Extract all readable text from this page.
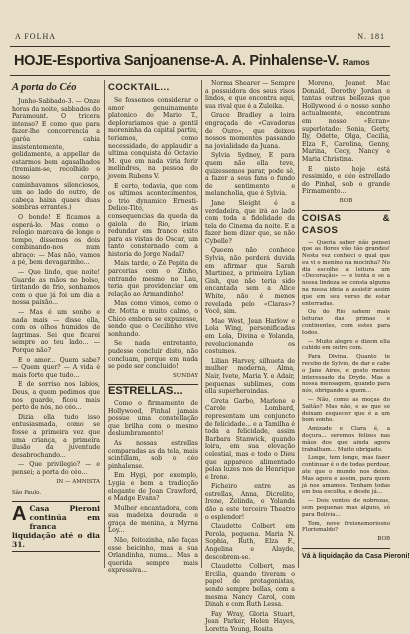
A FOLHA	N. 181
HOJE-Esportiva Sanjoanense-A. A. Pinhalense-V. Ramos
A porta do Céo

Junho-Sabbado-3. — Onze horas da noite, sabbados do Paramount. O tricera intenso? E como que para fazer-lhe concorrencia a garôa cahia insistentemente, gelidamente, a appellar de estarmos bem agasalhados (tremiam-se, recolhido o nosso corpo, caminhavamos silenciosos, um ao lado do outro, de cabeça baixa quaes duas sombras errantes.)

O bonde! E ficamos a esperá-lo. Mas como o relogio marcava de longe o tempo, dissemos os dois combinando-nos num abraço: — Mas não, vamos a pé, bem devagarinho...

— Que lindo, que noite! Guarde as mãos no bolso, tiritando de frio, sonhamos com o que já foi um dia a nossa paixão...

— Mas é um sonho e nada mais — disse ella, com os olhos humidos de lagrimas. Sei que ficarei sempre ao teu lado... — Porque não?

E o amor... Quem sabe? — Quem quer? — A vida é mais forte que tudo...

E de sorriso nos labios, Deus, a quem pedimos que nos guarde, ficou mais perto de nós, no céo...

Dizia ella tudo isso entusiasmada, como se fosse a primeira vez que uma criança, a primeira ilusão da juventude desabrochando...

— Que privilegio? — e pensei; a porta do céo...

IN — AMNISTA
São Paulo.
A Casa Pieroni continúa em franca liquidação até o dia 31.
COCKTAIL...

Se fossemos considerar o amor genuinamente platonico do Mario T., deplorariamos que a gentil moreninha da capital partiu, teriamos, como necessidade, de applaudir a ultima conquista do Octavio M. que em nada viria ferir melindres, na pessoa do jovem Rubens V.

E certo, todavia, que com os ultimos acontecimentos, o trio dynamico Ernesti-Delice-Tito, as consequencias da queda da gaiola do Rio, iriam redundar em franco exito para as vistas do Oscar, um tanto consternado com a historia do Jorge Nadal?

Mais tarde, o Zé Pepita de parcerias com o Zinho, entrando mesmo no Lau, teria que providenciar em relação ao Armandinho!

Mas como vimos, como o dr. Motta e muito calmo, o Chico embora se expuzesse, sendo que o Cecilinho vive sonhando.

Se nada entretanto, pudesse concluir disto, não concluam, porque em nada se pode ser concluido!

SUNDAY
ESTRELLAS...

Como o firmamento de Hollywood, Pinhal jamais possue uma constellação que brilha com o mesmo deslumbramento!

As nossas estrellas comparadas as da tela, mais scintillam, sob o céo pinhalense.

Em Hygi, por exemplo, Lygia e bem a tradicção elegante de Joan Crawford, e Madge Evans?

Mulher encantadora, com sua madeixa dourada e graça de menina, a Myrna Loy...

Não, feitozinha, não faças esse beicinho, mas a sua Orlandinha, numa... Mas a querida sempre mais expressiva...

Norma Shearer — Sempre a possuidora dos seus risos lindos, e que encontra aqui, sua rival que é a Zuleika.

Grace Bradley a loira engraçada de «Cavadoras de Ouro», que deixou nossos momentos passando na jovialidade da Juana.

Sylvia Sydney, E para quem não ella teve, quizessemos parar, pode sê, a fazer a seus fans o fundo de sentimento e melancholia, que é Sylvia.

Jane Sleight é a verdadeira, que irá ao lado com toda a fidelidade da tela do Cinema da noite. E a fazer bem dizer que, se não Cybelle?

Queem não conhece Sylvia, não perderá duvida em afirmar que Sarah Martinez, a primeira Lylian Gish, que não teria sido encantada sem a Alice White, não é menos revelada pelo «Claras»? Você, sim.

Mae West, Jean Harlow e Lola Wing, personificadas em Lola, Divina e Yolanda, revolucionando os costumes.

Lilian Harvey, silhueta de mulher moderna, Alma, Nair, Ivete, Maria Y. e Adair, pequenas sublimes, com ella superheroindas.

Greta Garbo, Marlene e Carole Lombard, representam um conjuncto de felicidade... e a Tamilha é toda a felicidade, assim Barbara Stanwick, quando loira, em sua elevação celestial, mas e todo o Dieu que apparece alimentado pelas luzes nos de Henrique e Irene.

Ficheiro entre as estrellas, Anna, Dicrelito, Irene, Zelinda, e Yolanda dão a este terceiro Theatro o esplendor!

Claudette Colbert em Perola, pequena. Maria N. Sophia, Ruth, Elza F., Angelina e Alayde, descobrem-se.

Claudette Colbert, mas Ercilia, quando tiveram o papel de protagonistas, sendo sempre bellas, com a mesma Nancy Carol, com Dinah e com Ruth Lessa.

Fay Wray, Gloria Stuart, Jean Parker, Helen Hayes, Loretta Young, Rosita

Moreno, Jeanet Mac Donald, Dorothy Jordan e tantas outras bellezas que Hollywood é o nosso sonho actualmente, encontram em nosso «Ecran» superlotado: Sonia, Gerty, Ily, Odette, Olga, Cecilia, Elza F., Carolina, Genny, Marina, Cecy, Nancy e Maria Christina.

E nisto hoje está ressimido, e céo estrellado do Pinhal, sob o grande Firmamento...

BOB
COISAS & CASOS

— Queria saber não pensei que as flores vão tão grandes! Nesta vez conheci o qual que eu vi o menino na mocinha? No dia escolhe a leitura um «Decoração» — e tenta e se a nossa lindeza se consta alguma na nossa ideia a assistir assim que em seu verso de estar enterradas.

Ou do Rio sahem mais leituras das primas e continentes, com estes para todos.

— Muito alegre e dizem ella cahido em outro com.

Para Divina. Quanto te recebo de Sylvio, de dar e cabe o Jane Aires, e gosto menos interessado da Dryde. Mas a nossa mensagem, quando para nós, obrigando a quem...

— Não, como as moças do Saltão? Mas não, e as que se deixam esquecer que é a um bom sonho.

Amizade e Clara é, a doçura... seremos felizes nas mãos dos que ainda agora trabalham... Muito obrigado.

Longe, tem longe, mas fazer continuar é o de todas perdoar, ate que o mundo nos deixe. Mas agora e assim, para quem já nos amamos. Tenham todas em boa escolha, e desde já...

— Dois ventos de nobrezas, sem pequenas mas alguns, só para Bolivia...

Tom, nove freisnemoriosno Florismaldo?

BOB
Vá à liquidação da Casa Pieroni!
